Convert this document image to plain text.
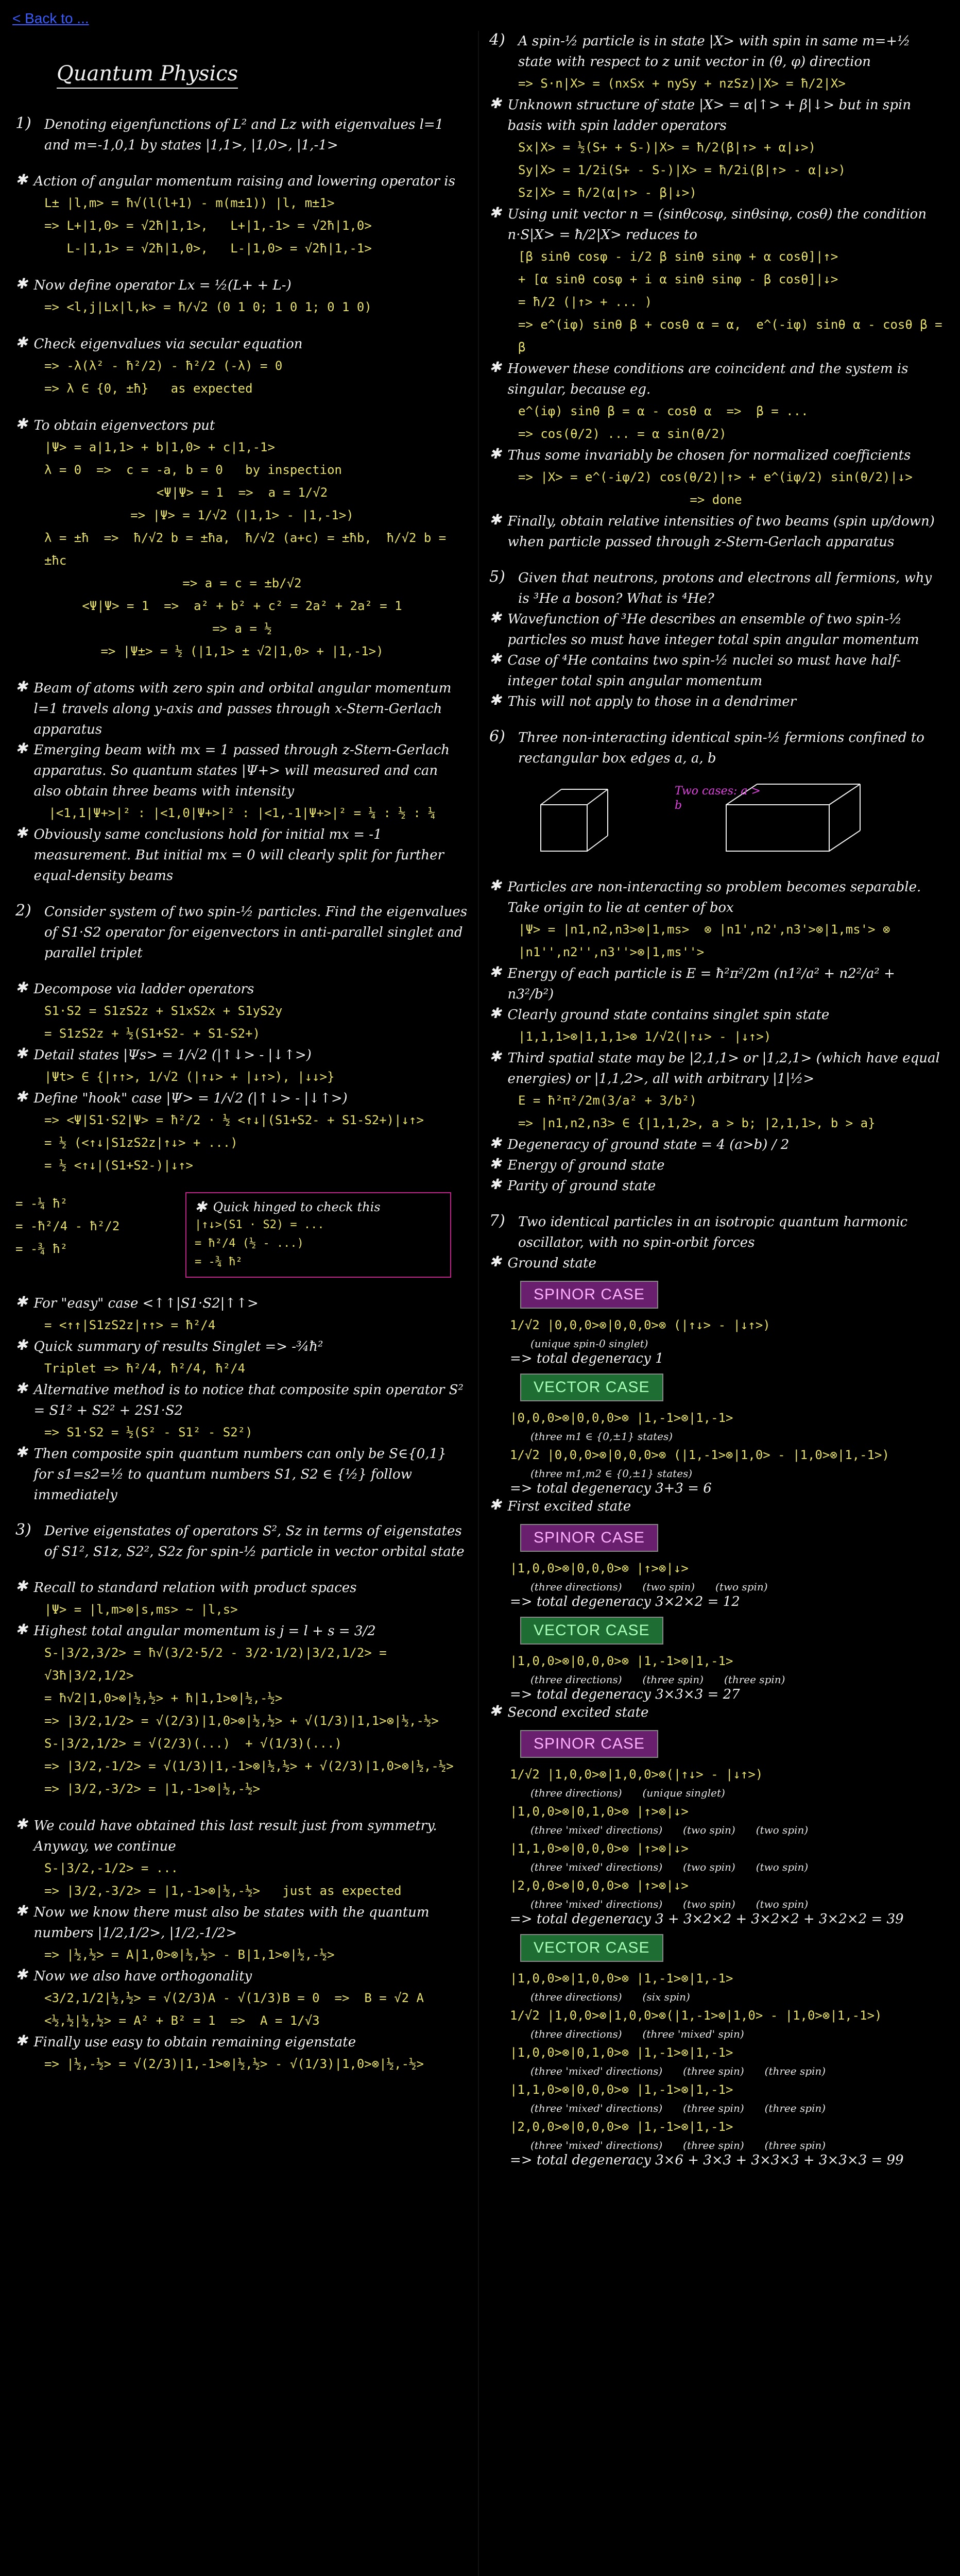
< Back to ...
Quantum Physics
1) Denoting eigenfunctions of L² and Lz with eigenvalues l=1 and m=-1,0,1 by states |1,1>, |1,0>, |1,-1>
✱ Action of angular momentum raising and lowering operator is
L± |l,m> = ħ√(l(l+1) - m(m±1)) |l, m±1>
=> L+|1,0> = √2ħ|1,1>,   L+|1,-1> = √2ħ|1,0>
L-|1,1> = √2ħ|1,0>,   L-|1,0> = √2ħ|1,-1>
✱ Now define operator Lx = ½(L+ + L-)
=> <l,j|Lx|l,k> = ħ/√2 (0 1 0; 1 0 1; 0 1 0)
✱ Check eigenvalues via secular equation
=> -λ(λ² - ħ²/2) - ħ²/2 (-λ) = 0
=> λ ∈ {0, ±ħ}   as expected
✱ To obtain eigenvectors put
|Ψ> = a|1,1> + b|1,0> + c|1,-1>
λ = 0  =>  c = -a, b = 0   by inspection
<Ψ|Ψ> = 1  =>  a = 1/√2
=> |Ψ> = 1/√2 (|1,1> - |1,-1>)
λ = ±ħ  =>  ħ/√2 b = ±ħa,  ħ/√2 (a+c) = ±ħb,  ħ/√2 b = ±ħc
=> a = c = ±b/√2
<Ψ|Ψ> = 1  =>  a² + b² + c² = 2a² + 2a² = 1
=> a = ½
=> |Ψ±> = ½ (|1,1> ± √2|1,0> + |1,-1>)
✱ Beam of atoms with zero spin and orbital angular momentum l=1 travels along y-axis and passes through x-Stern-Gerlach apparatus
✱ Emerging beam with mx = 1 passed through z-Stern-Gerlach apparatus. So quantum states |Ψ+> will measured and can also obtain three beams with intensity
|<1,1|Ψ+>|² : |<1,0|Ψ+>|² : |<1,-1|Ψ+>|² = ¼ : ½ : ¼
✱ Obviously same conclusions hold for initial mx = -1 measurement. But initial mx = 0 will clearly split for further equal-density beams
2) Consider system of two spin-½ particles. Find the eigenvalues of S1·S2 operator for eigenvectors in anti-parallel singlet and parallel triplet
✱ Decompose via ladder operators
S1·S2 = S1zS2z + S1xS2x + S1yS2y
= S1zS2z + ½(S1+S2- + S1-S2+)
✱ Detail states |Ψs> = 1/√2 (|↑↓> - |↓↑>)
|Ψt> ∈ {|↑↑>, 1/√2 (|↑↓> + |↓↑>), |↓↓>}
✱ Define "hook" case |Ψ> = 1/√2 (|↑↓> - |↓↑>)
=> <Ψ|S1·S2|Ψ> = ħ²/2 · ½ <↑↓|(S1+S2- + S1-S2+)|↓↑>
= ½ (<↑↓|S1zS2z|↑↓> + ...)
= ½ <↑↓|(S1+S2-)|↓↑>
= -¼ ħ²
= -ħ²/4 - ħ²/2
= -¾ ħ²
✱ Quick hinged to check this
|↑↓>(S1 · S2) = ...
= ħ²/4 (½ - ...)
= -¾ ħ²
✱ For "easy" case <↑↑|S1·S2|↑↑>
= <↑↑|S1zS2z|↑↑> = ħ²/4
✱ Quick summary of results Singlet => -¾ħ²
Triplet => ħ²/4, ħ²/4, ħ²/4
✱ Alternative method is to notice that composite spin operator S² = S1² + S2² + 2S1·S2
=> S1·S2 = ½(S² - S1² - S2²)
✱ Then composite spin quantum numbers can only be S∈{0,1} for s1=s2=½ to quantum numbers S1, S2 ∈ {½} follow immediately
3) Derive eigenstates of operators S², Sz in terms of eigenstates of S1², S1z, S2², S2z for spin-½ particle in vector orbital state
✱ Recall to standard relation with product spaces
|Ψ> = |l,m>⊗|s,ms> ~ |l,s>
✱ Highest total angular momentum is j = l + s = 3/2
S-|3/2,3/2> = ħ√(3/2·5/2 - 3/2·1/2)|3/2,1/2> = √3ħ|3/2,1/2>
= ħ√2|1,0>⊗|½,½> + ħ|1,1>⊗|½,-½>
=> |3/2,1/2> = √(2/3)|1,0>⊗|½,½> + √(1/3)|1,1>⊗|½,-½>
S-|3/2,1/2> = √(2/3)(...)  + √(1/3)(...)
=> |3/2,-1/2> = √(1/3)|1,-1>⊗|½,½> + √(2/3)|1,0>⊗|½,-½>
=> |3/2,-3/2> = |1,-1>⊗|½,-½>
✱ We could have obtained this last result just from symmetry. Anyway, we continue
S-|3/2,-1/2> = ...
=> |3/2,-3/2> = |1,-1>⊗|½,-½>   just as expected
✱ Now we know there must also be states with the quantum numbers |1/2,1/2>, |1/2,-1/2>
=> |½,½> = A|1,0>⊗|½,½> - B|1,1>⊗|½,-½>
✱ Now we also have orthogonality
<3/2,1/2|½,½> = √(2/3)A - √(1/3)B = 0  =>  B = √2 A
<½,½|½,½> = A² + B² = 1  =>  A = 1/√3
✱ Finally use easy to obtain remaining eigenstate
=> |½,-½> = √(2/3)|1,-1>⊗|½,½> - √(1/3)|1,0>⊗|½,-½>
4) A spin-½ particle is in state |X> with spin in same m=+½ state with respect to z unit vector in (θ, φ) direction
=> S·n|X> = (nxSx + nySy + nzSz)|X> = ħ/2|X>
✱ Unknown structure of state |X> = α|↑> + β|↓> but in spin basis with spin ladder operators
Sx|X> = ½(S+ + S-)|X> = ħ/2(β|↑> + α|↓>)
Sy|X> = 1/2i(S+ - S-)|X> = ħ/2i(β|↑> - α|↓>)
Sz|X> = ħ/2(α|↑> - β|↓>)
✱ Using unit vector n = (sinθcosφ, sinθsinφ, cosθ) the condition n·S|X> = ħ/2|X> reduces to
[β sinθ cosφ - i/2 β sinθ sinφ + α cosθ]|↑>
+ [α sinθ cosφ + i α sinθ sinφ - β cosθ]|↓>
= ħ/2 (|↑> + ... )
=> e^(iφ) sinθ β + cosθ α = α,  e^(-iφ) sinθ α - cosθ β = β
✱ However these conditions are coincident and the system is singular, because eg.
e^(iφ) sinθ β = α - cosθ α  =>  β = ...
=> cos(θ/2) ... = α sin(θ/2)
✱ Thus some invariably be chosen for normalized coefficients
=> |X> = e^(-iφ/2) cos(θ/2)|↑> + e^(iφ/2) sin(θ/2)|↓>
=> done
✱ Finally, obtain relative intensities of two beams (spin up/down) when particle passed through z-Stern-Gerlach apparatus
5) Given that neutrons, protons and electrons all fermions, why is ³He a boson? What is ⁴He?
✱ Wavefunction of ³He describes an ensemble of two spin-½ particles so must have integer total spin angular momentum
✱ Case of ⁴He contains two spin-½ nuclei so must have half-integer total spin angular momentum
✱ This will not apply to those in a dendrimer
6) Three non-interacting identical spin-½ fermions confined to rectangular box edges a, a, b
Two cases: a > b
✱ Particles are non-interacting so problem becomes separable. Take origin to lie at center of box
|Ψ> = |n1,n2,n3>⊗|1,ms>  ⊗ |n1',n2',n3'>⊗|1,ms'> ⊗ |n1'',n2'',n3''>⊗|1,ms''>
✱ Energy of each particle is E = ħ²π²/2m (n1²/a² + n2²/a² + n3²/b²)
✱ Clearly ground state contains singlet spin state
|1,1,1>⊗|1,1,1>⊗ 1/√2(|↑↓> - |↓↑>)
✱ Third spatial state may be |2,1,1> or |1,2,1> (which have equal energies) or |1,1,2>, all with arbitrary |1|½>
E = ħ²π²/2m(3/a² + 3/b²)
=> |n1,n2,n3> ∈ {|1,1,2>, a > b; |2,1,1>, b > a}
✱ Degeneracy of ground state = 4 (a>b) / 2
✱ Energy of ground state
✱ Parity of ground state
7) Two identical particles in an isotropic quantum harmonic oscillator, with no spin-orbit forces
✱ Ground state
SPINOR CASE
1/√2 |0,0,0>⊗|0,0,0>⊗ (|↑↓> - |↓↑>)
(unique spin-0 singlet)
=> total degeneracy 1
VECTOR CASE
|0,0,0>⊗|0,0,0>⊗ |1,-1>⊗|1,-1>
(three m1 ∈ {0,±1} states)
1/√2 |0,0,0>⊗|0,0,0>⊗ (|1,-1>⊗|1,0> - |1,0>⊗|1,-1>)
(three m1,m2 ∈ {0,±1} states)
=> total degeneracy 3+3 = 6
✱ First excited state
SPINOR CASE
|1,0,0>⊗|0,0,0>⊗ |↑>⊗|↓>
(three directions) (two spin) (two spin)
=> total degeneracy 3×2×2 = 12
VECTOR CASE
|1,0,0>⊗|0,0,0>⊗ |1,-1>⊗|1,-1>
(three directions) (three spin) (three spin)
=> total degeneracy 3×3×3 = 27
✱ Second excited state
SPINOR CASE
1/√2 |1,0,0>⊗|1,0,0>⊗(|↑↓> - |↓↑>)
(three directions) (unique singlet)
|1,0,0>⊗|0,1,0>⊗ |↑>⊗|↓>
(three 'mixed' directions) (two spin) (two spin)
|1,1,0>⊗|0,0,0>⊗ |↑>⊗|↓>
(three 'mixed' directions) (two spin) (two spin)
|2,0,0>⊗|0,0,0>⊗ |↑>⊗|↓>
(three 'mixed' directions) (two spin) (two spin)
=> total degeneracy 3 + 3×2×2 + 3×2×2 + 3×2×2 = 39
VECTOR CASE
|1,0,0>⊗|1,0,0>⊗ |1,-1>⊗|1,-1>
(three directions) (six spin)
1/√2 |1,0,0>⊗|1,0,0>⊗(|1,-1>⊗|1,0> - |1,0>⊗|1,-1>)
(three directions) (three 'mixed' spin)
|1,0,0>⊗|0,1,0>⊗ |1,-1>⊗|1,-1>
(three 'mixed' directions) (three spin) (three spin)
|1,1,0>⊗|0,0,0>⊗ |1,-1>⊗|1,-1>
(three 'mixed' directions) (three spin) (three spin)
|2,0,0>⊗|0,0,0>⊗ |1,-1>⊗|1,-1>
(three 'mixed' directions) (three spin) (three spin)
=> total degeneracy 3×6 + 3×3 + 3×3×3 + 3×3×3 = 99
